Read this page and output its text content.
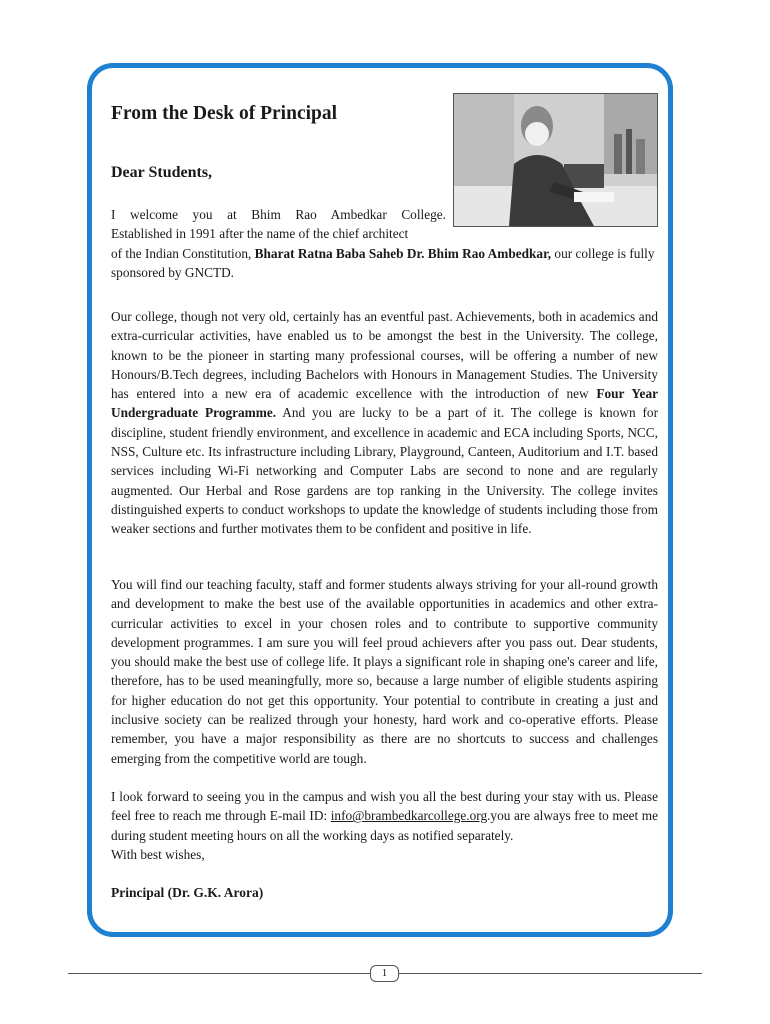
From the Desk of Principal
Dear Students,
I welcome you at Bhim Rao Ambedkar College.
Established in 1991 after the name of the chief architect
of the Indian Constitution, Bharat Ratna Baba Saheb Dr. Bhim Rao Ambedkar, our college is fully sponsored by GNCTD.

Our college, though not very old, certainly has an eventful past. Achievements, both in academics and extra-curricular activities, have enabled us to be amongst the best in the University. The college, known to be the pioneer in starting many professional courses, will be offering a number of new Honours/B.Tech degrees, including Bachelors with Honours in Management Studies. The University has entered into a new era of academic excellence with the introduction of new Four Year Undergraduate Programme. And you are lucky to be a part of it. The college is known for discipline, student friendly environment, and excellence in academic and ECA including Sports, NCC, NSS, Culture etc. Its infrastructure including Library, Playground, Canteen, Auditorium and I.T. based services including Wi-Fi networking and Computer Labs are second to none and are regularly augmented. Our Herbal and Rose gardens are top ranking in the University. The college invites distinguished experts to conduct workshops to update the knowledge of students including those from weaker sections and further motivates them to be confident and positive in life.

You will find our teaching faculty, staff and former students always striving for your all-round growth and development to make the best use of the available opportunities in academics and other extra-curricular activities to excel in your chosen roles and to contribute to supportive community development programmes. I am sure you will feel proud achievers after you pass out. Dear students, you should make the best use of college life. It plays a significant role in shaping one's career and life, therefore, has to be used meaningfully, more so, because a large number of eligible students aspiring for higher education do not get this opportunity. Your potential to contribute in creating a just and inclusive society can be realized through your honesty, hard work and co-operative efforts. Please remember, you have a major responsibility as there are no shortcuts to success and challenges emerging from the competitive world are tough.

I look forward to seeing you in the campus and wish you all the best during your stay with us. Please feel free to reach me through E-mail ID: info@brambedkarcollege.org.you are always free to meet me during student meeting hours on all the working days as notified separately.
With best wishes,

Principal (Dr. G.K. Arora)

1
